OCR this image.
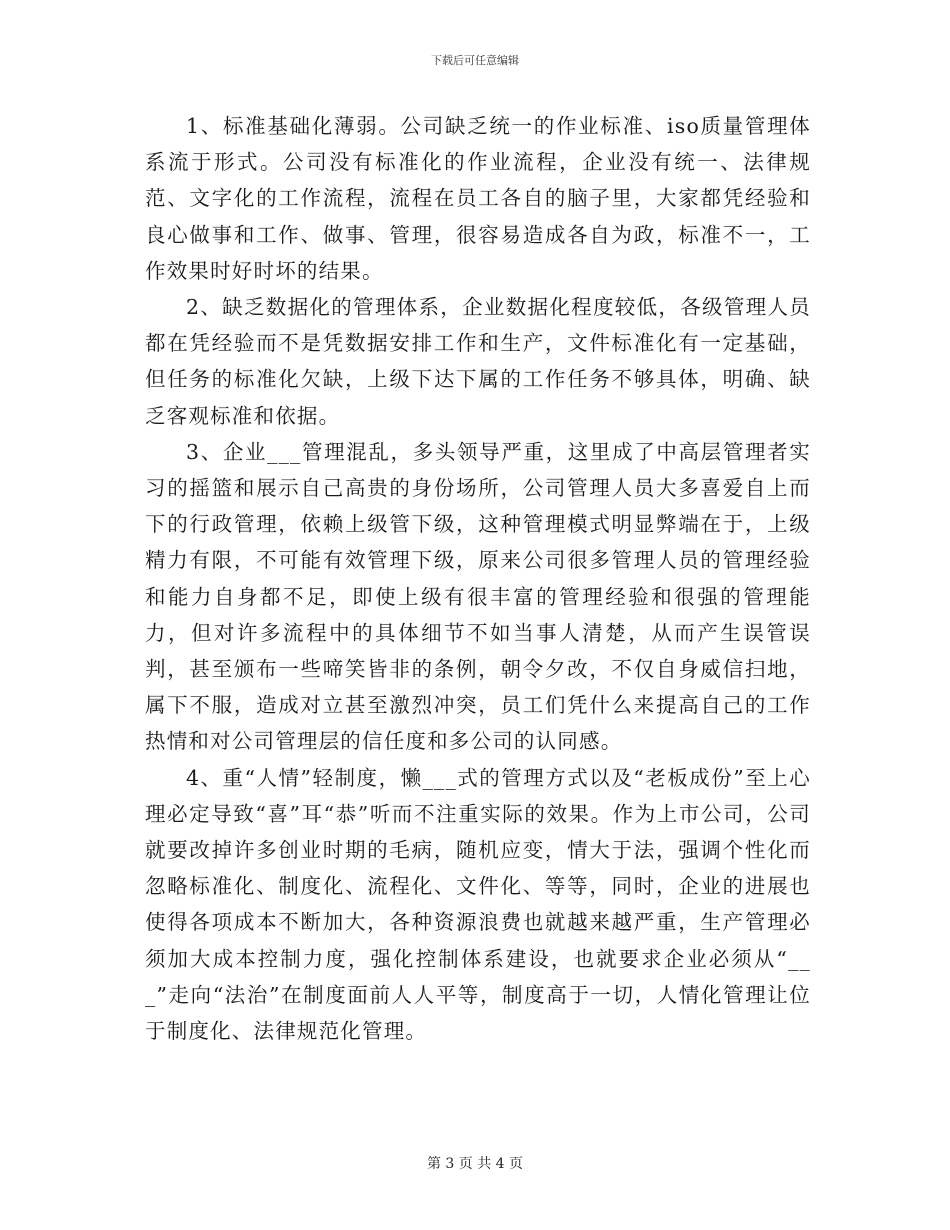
下载后可任意编辑

1、标准基础化薄弱。公司缺乏统一的作业标准、iso质量管理体系流于形式。公司没有标准化的作业流程，企业没有统一、法律规范、文字化的工作流程，流程在员工各自的脑子里，大家都凭经验和良心做事和工作、做事、管理，很容易造成各自为政，标准不一，工作效果时好时坏的结果。

2、缺乏数据化的管理体系，企业数据化程度较低，各级管理人员都在凭经验而不是凭数据安排工作和生产，文件标准化有一定基础，但任务的标准化欠缺，上级下达下属的工作任务不够具体，明确、缺乏客观标准和依据。

3、企业___管理混乱，多头领导严重，这里成了中高层管理者实习的摇篮和展示自己高贵的身份场所，公司管理人员大多喜爱自上而下的行政管理，依赖上级管下级，这种管理模式明显弊端在于，上级精力有限，不可能有效管理下级，原来公司很多管理人员的管理经验和能力自身都不足，即使上级有很丰富的管理经验和很强的管理能力，但对许多流程中的具体细节不如当事人清楚，从而产生误管误判，甚至颁布一些啼笑皆非的条例，朝令夕改，不仅自身威信扫地，属下不服，造成对立甚至激烈冲突，员工们凭什么来提高自己的工作热情和对公司管理层的信任度和多公司的认同感。

4、重“人情”轻制度，懒___式的管理方式以及“老板成份”至上心理必定导致“喜”耳“恭”听而不注重实际的效果。作为上市公司，公司就要改掉许多创业时期的毛病，随机应变，情大于法，强调个性化而忽略标准化、制度化、流程化、文件化、等等，同时，企业的进展也使得各项成本不断加大，各种资源浪费也就越来越严重，生产管理必须加大成本控制力度，强化控制体系建设，也就要求企业必须从“___”走向“法治”在制度面前人人平等，制度高于一切，人情化管理让位于制度化、法律规范化管理。

第 3 页 共 4 页
